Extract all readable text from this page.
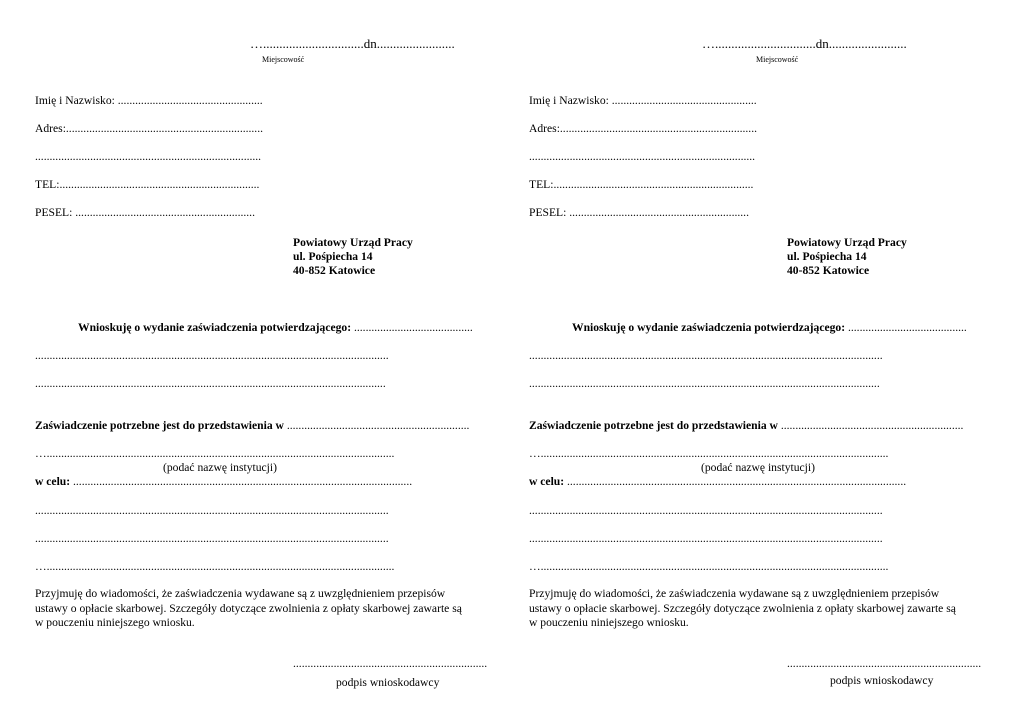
…...............................dn........................
Miejscowość
Imię i Nazwisko: ..................................................
Adres:....................................................................
..............................................................................
TEL:.....................................................................
PESEL: ..............................................................
Powiatowy Urząd Pracy
ul. Pośpiecha 14
40-852 Katowice
Wnioskuję o wydanie zaświadczenia potwierdzającego: .........................................
..........................................................................................................................
.........................................................................................................................
Zaświadczenie potrzebne jest do przedstawienia w ...............................................................
…........................................................................................................................
(podać nazwę instytucji)
w celu: .....................................................................................................................
..........................................................................................................................
..........................................................................................................................
…........................................................................................................................
Przyjmuję do wiadomości, że zaświadczenia wydawane są z uwzględnieniem przepisów
ustawy o opłacie skarbowej. Szczegóły dotyczące zwolnienia z opłaty skarbowej zawarte są
w pouczeniu niniejszego wniosku.
...................................................................
podpis wnioskodawcy
…...............................dn........................
Miejscowość
Imię i Nazwisko: ..................................................
Adres:....................................................................
..............................................................................
TEL:.....................................................................
PESEL: ..............................................................
Powiatowy Urząd Pracy
ul. Pośpiecha 14
40-852 Katowice
Wnioskuję o wydanie zaświadczenia potwierdzającego: .........................................
..........................................................................................................................
.........................................................................................................................
Zaświadczenie potrzebne jest do przedstawienia w ...............................................................
…........................................................................................................................
(podać nazwę instytucji)
w celu: .....................................................................................................................
..........................................................................................................................
..........................................................................................................................
…........................................................................................................................
Przyjmuję do wiadomości, że zaświadczenia wydawane są z uwzględnieniem przepisów
ustawy o opłacie skarbowej. Szczegóły dotyczące zwolnienia z opłaty skarbowej zawarte są
w pouczeniu niniejszego wniosku.
...................................................................
podpis wnioskodawcy
